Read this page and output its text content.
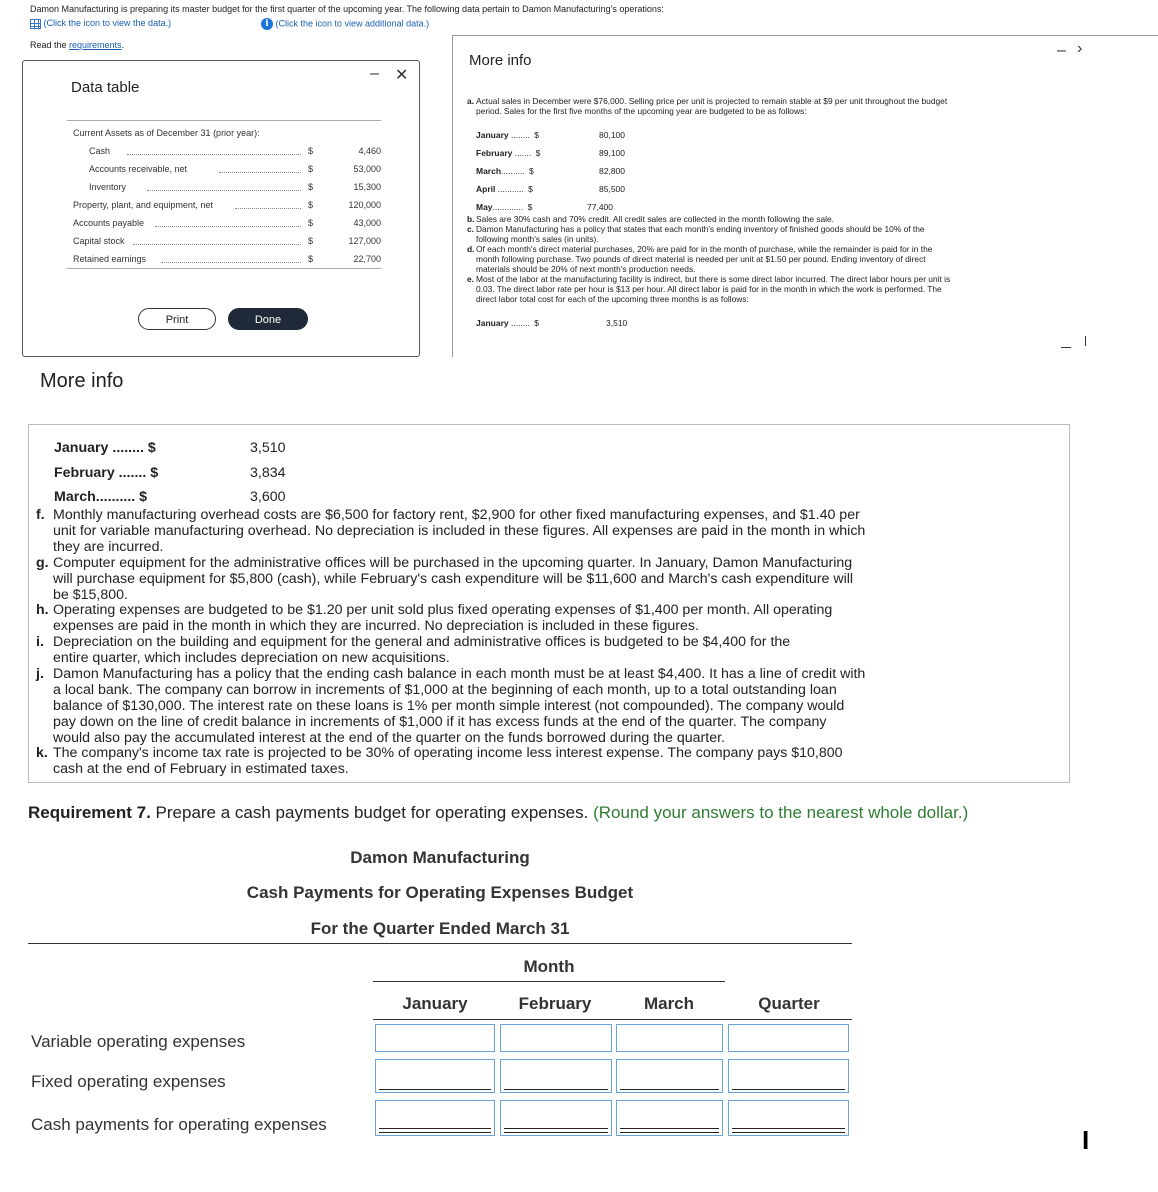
Damon Manufacturing is preparing its master budget for the first quarter of the upcoming year. The following data pertain to Damon Manufacturing's operations:
(Click the icon to view the data.)	i (Click the icon to view additional data.)
Read the requirements.
Data table
– ✕
Current Assets as of December 31 (prior year):
Cash	$	4,460
Accounts receivable, net	$	53,000
Inventory	$	15,300
Property, plant, and equipment, net	$	120,000
Accounts payable	$	43,000
Capital stock	$	127,000
Retained earnings	$	22,700
Print	Done
More info
– ›
a. Actual sales in December were $76,000. Selling price per unit is projected to remain stable at $9 per unit throughout the budget
period. Sales for the first five months of the upcoming year are budgeted to be as follows:
January ........ $	80,100
February ....... $	89,100
March.......... $	82,800
April ........... $	85,500
May............. $	77,400
b. Sales are 30% cash and 70% credit. All credit sales are collected in the month following the sale.
c. Damon Manufacturing has a policy that states that each month's ending inventory of finished goods should be 10% of the
following month's sales (in units).
d. Of each month's direct material purchases, 20% are paid for in the month of purchase, while the remainder is paid for in the
month following purchase. Two pounds of direct material is needed per unit at $1.50 per pound. Ending inventory of direct
materials should be 20% of next month's production needs.
e. Most of the labor at the manufacturing facility is indirect, but there is some direct labor incurred. The direct labor hours per unit is
0.03. The direct labor rate per hour is $13 per hour. All direct labor is paid for in the month in which the work is performed. The
direct labor total cost for each of the upcoming three months is as follows:
January ........ $	3,510
More info
January ........ $	3,510
February ....... $	3,834
March.......... $	3,600
f. Monthly manufacturing overhead costs are $6,500 for factory rent, $2,900 for other fixed manufacturing expenses, and $1.40 per
unit for variable manufacturing overhead. No depreciation is included in these figures. All expenses are paid in the month in which
they are incurred.
g. Computer equipment for the administrative offices will be purchased in the upcoming quarter. In January, Damon Manufacturing
will purchase equipment for $5,800 (cash), while February's cash expenditure will be $11,600 and March's cash expenditure will
be $15,800.
h. Operating expenses are budgeted to be $1.20 per unit sold plus fixed operating expenses of $1,400 per month. All operating
expenses are paid in the month in which they are incurred. No depreciation is included in these figures.
i. Depreciation on the building and equipment for the general and administrative offices is budgeted to be $4,400 for the
entire quarter, which includes depreciation on new acquisitions.
j. Damon Manufacturing has a policy that the ending cash balance in each month must be at least $4,400. It has a line of credit with
a local bank. The company can borrow in increments of $1,000 at the beginning of each month, up to a total outstanding loan
balance of $130,000. The interest rate on these loans is 1% per month simple interest (not compounded). The company would
pay down on the line of credit balance in increments of $1,000 if it has excess funds at the end of the quarter. The company
would also pay the accumulated interest at the end of the quarter on the funds borrowed during the quarter.
k. The company's income tax rate is projected to be 30% of operating income less interest expense. The company pays $10,800
cash at the end of February in estimated taxes.
Requirement 7. Prepare a cash payments budget for operating expenses. (Round your answers to the nearest whole dollar.)
Damon Manufacturing
Cash Payments for Operating Expenses Budget
For the Quarter Ended March 31
Month
January	February	March	Quarter
Variable operating expenses
Fixed operating expenses
Cash payments for operating expenses
I
